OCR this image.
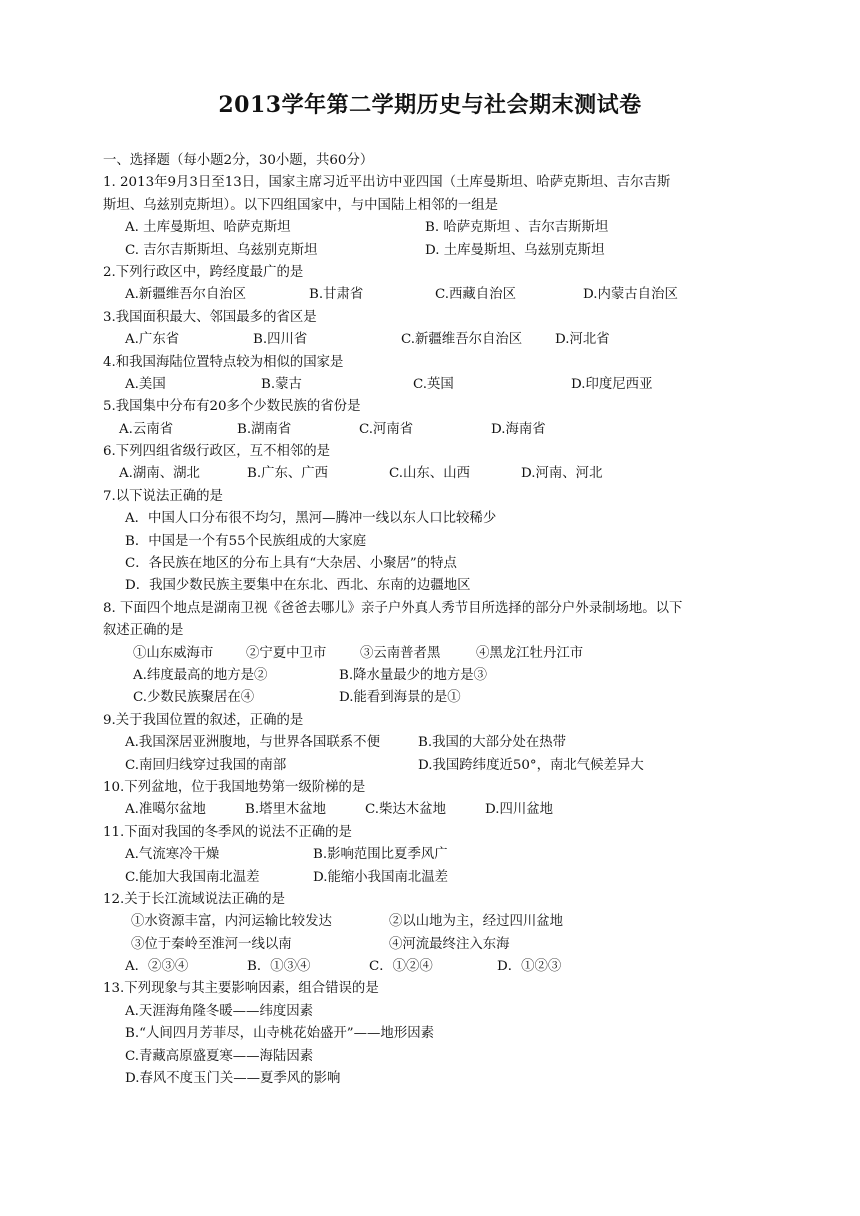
2013学年第二学期历史与社会期末测试卷
一、选择题（每小题2分，30小题，共60分）
1. 2013年9月3日至13日，国家主席习近平出访中亚四国（土库曼斯坦、哈萨克斯坦、吉尔吉斯
斯坦、乌兹别克斯坦）。以下四组国家中，与中国陆上相邻的一组是
A. 土库曼斯坦、哈萨克斯坦	B. 哈萨克斯坦 、吉尔吉斯斯坦
C. 吉尔吉斯斯坦、乌兹别克斯坦	D. 土库曼斯坦、乌兹别克斯坦
2.下列行政区中，跨经度最广的是
A.新疆维吾尔自治区	B.甘肃省	C.西藏自治区	D.内蒙古自治区
3.我国面积最大、邻国最多的省区是
A.广东省	B.四川省	C.新疆维吾尔自治区	D.河北省
4.和我国海陆位置特点较为相似的国家是
A.美国	B.蒙古	C.英国	D.印度尼西亚
5.我国集中分布有20多个少数民族的省份是
A.云南省	B.湖南省	C.河南省	D.海南省
6.下列四组省级行政区，互不相邻的是
A.湖南、湖北	B.广东、广西	C.山东、山西	D.河南、河北
7.以下说法正确的是
A．中国人口分布很不均匀，黑河—腾冲一线以东人口比较稀少
B．中国是一个有55个民族组成的大家庭
C．各民族在地区的分布上具有“大杂居、小聚居”的特点
D．我国少数民族主要集中在东北、西北、东南的边疆地区
8. 下面四个地点是湖南卫视《爸爸去哪儿》亲子户外真人秀节目所选择的部分户外录制场地。以下
叙述正确的是
①山东威海市	②宁夏中卫市	③云南普者黑	④黑龙江牡丹江市
A.纬度最高的地方是②	B.降水量最少的地方是③
C.少数民族聚居在④	D.能看到海景的是①
9.关于我国位置的叙述，正确的是
A.我国深居亚洲腹地，与世界各国联系不便	B.我国的大部分处在热带
C.南回归线穿过我国的南部	D.我国跨纬度近50°，南北气候差异大
10.下列盆地，位于我国地势第一级阶梯的是
A.准噶尔盆地	B.塔里木盆地	C.柴达木盆地	D.四川盆地
11.下面对我国的冬季风的说法不正确的是
A.气流寒冷干燥	B.影响范围比夏季风广
C.能加大我国南北温差	D.能缩小我国南北温差
12.关于长江流域说法正确的是
①水资源丰富，内河运输比较发达	②以山地为主，经过四川盆地
③位于秦岭至淮河一线以南	④河流最终注入东海
A．②③④	B．①③④	C．①②④	D．①②③
13.下列现象与其主要影响因素，组合错误的是
A.天涯海角隆冬暖——纬度因素
B.“人间四月芳菲尽，山寺桃花始盛开”——地形因素
C.青藏高原盛夏寒——海陆因素
D.春风不度玉门关——夏季风的影响
